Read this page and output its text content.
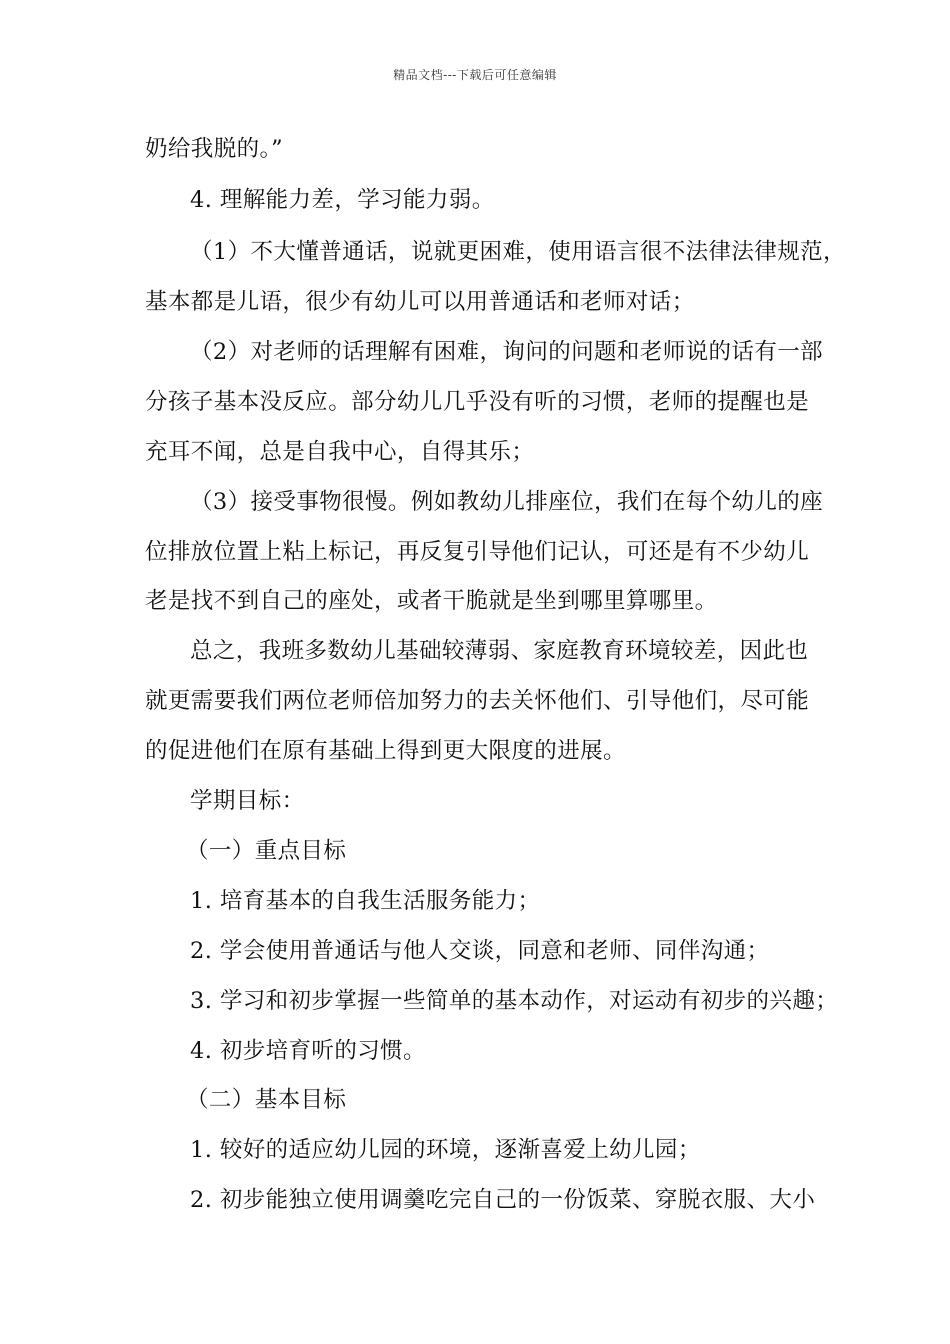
精品文档---下载后可任意编辑
奶给我脱的。”
4. 理解能力差，学习能力弱。
（1）不大懂普通话，说就更困难，使用语言很不法律法律规范，
基本都是儿语，很少有幼儿可以用普通话和老师对话；
（2）对老师的话理解有困难，询问的问题和老师说的话有一部
分孩子基本没反应。部分幼儿几乎没有听的习惯，老师的提醒也是
充耳不闻，总是自我中心，自得其乐；
（3）接受事物很慢。例如教幼儿排座位，我们在每个幼儿的座
位排放位置上粘上标记，再反复引导他们记认，可还是有不少幼儿
老是找不到自己的座处，或者干脆就是坐到哪里算哪里。
总之，我班多数幼儿基础较薄弱、家庭教育环境较差，因此也
就更需要我们两位老师倍加努力的去关怀他们、引导他们，尽可能
的促进他们在原有基础上得到更大限度的进展。
学期目标：
（一）重点目标
1. 培育基本的自我生活服务能力；
2. 学会使用普通话与他人交谈，同意和老师、同伴沟通；
3. 学习和初步掌握一些简单的基本动作，对运动有初步的兴趣；
4. 初步培育听的习惯。
（二）基本目标
1. 较好的适应幼儿园的环境，逐渐喜爱上幼儿园；
2. 初步能独立使用调羹吃完自己的一份饭菜、穿脱衣服、大小
